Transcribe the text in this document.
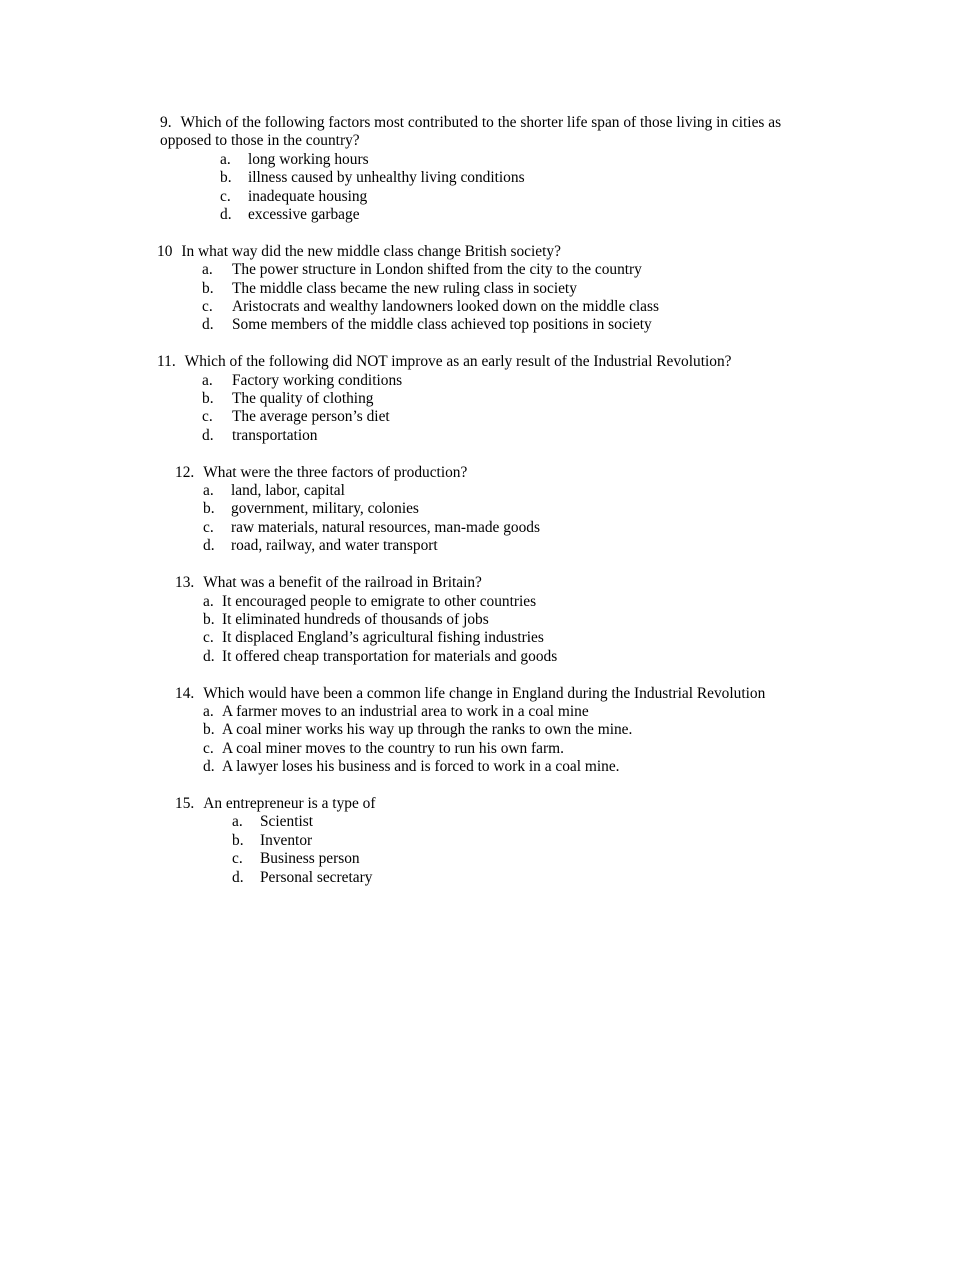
9. Which of the following factors most contributed to the shorter life span of those living in cities as opposed to those in the country?

a.	long working hours
b.	illness caused by unhealthy living conditions
c.	inadequate housing
d.	excessive garbage

10 In what way did the new middle class change British society?

a.	The power structure in London shifted from the city to the country
b.	The middle class became the new ruling class in society
c.	Aristocrats and wealthy landowners looked down on the middle class
d.	Some members of the middle class achieved top positions in society

11. Which of the following did NOT improve as an early result of the Industrial Revolution?

a.	Factory working conditions
b.	The quality of clothing
c.	The average person’s diet
d.	transportation

12. What were the three factors of production?

a.	land, labor, capital
b.	government, military, colonies
c.	raw materials, natural resources, man-made goods
d.	road, railway, and water transport

13. What was a benefit of the railroad in Britain?

a. It encouraged people to emigrate to other countries
b. It eliminated hundreds of thousands of jobs
c. It displaced England’s agricultural fishing industries
d. It offered cheap transportation for materials and goods

14. Which would have been a common life change in England during the Industrial Revolution

a. A farmer moves to an industrial area to work in a coal mine
b. A coal miner works his way up through the ranks to own the mine.
c. A coal miner moves to the country to run his own farm.
d. A lawyer loses his business and is forced to work in a coal mine.

15. An entrepreneur is a type of

a.	Scientist
b.	Inventor
c.	Business person
d.	Personal secretary
